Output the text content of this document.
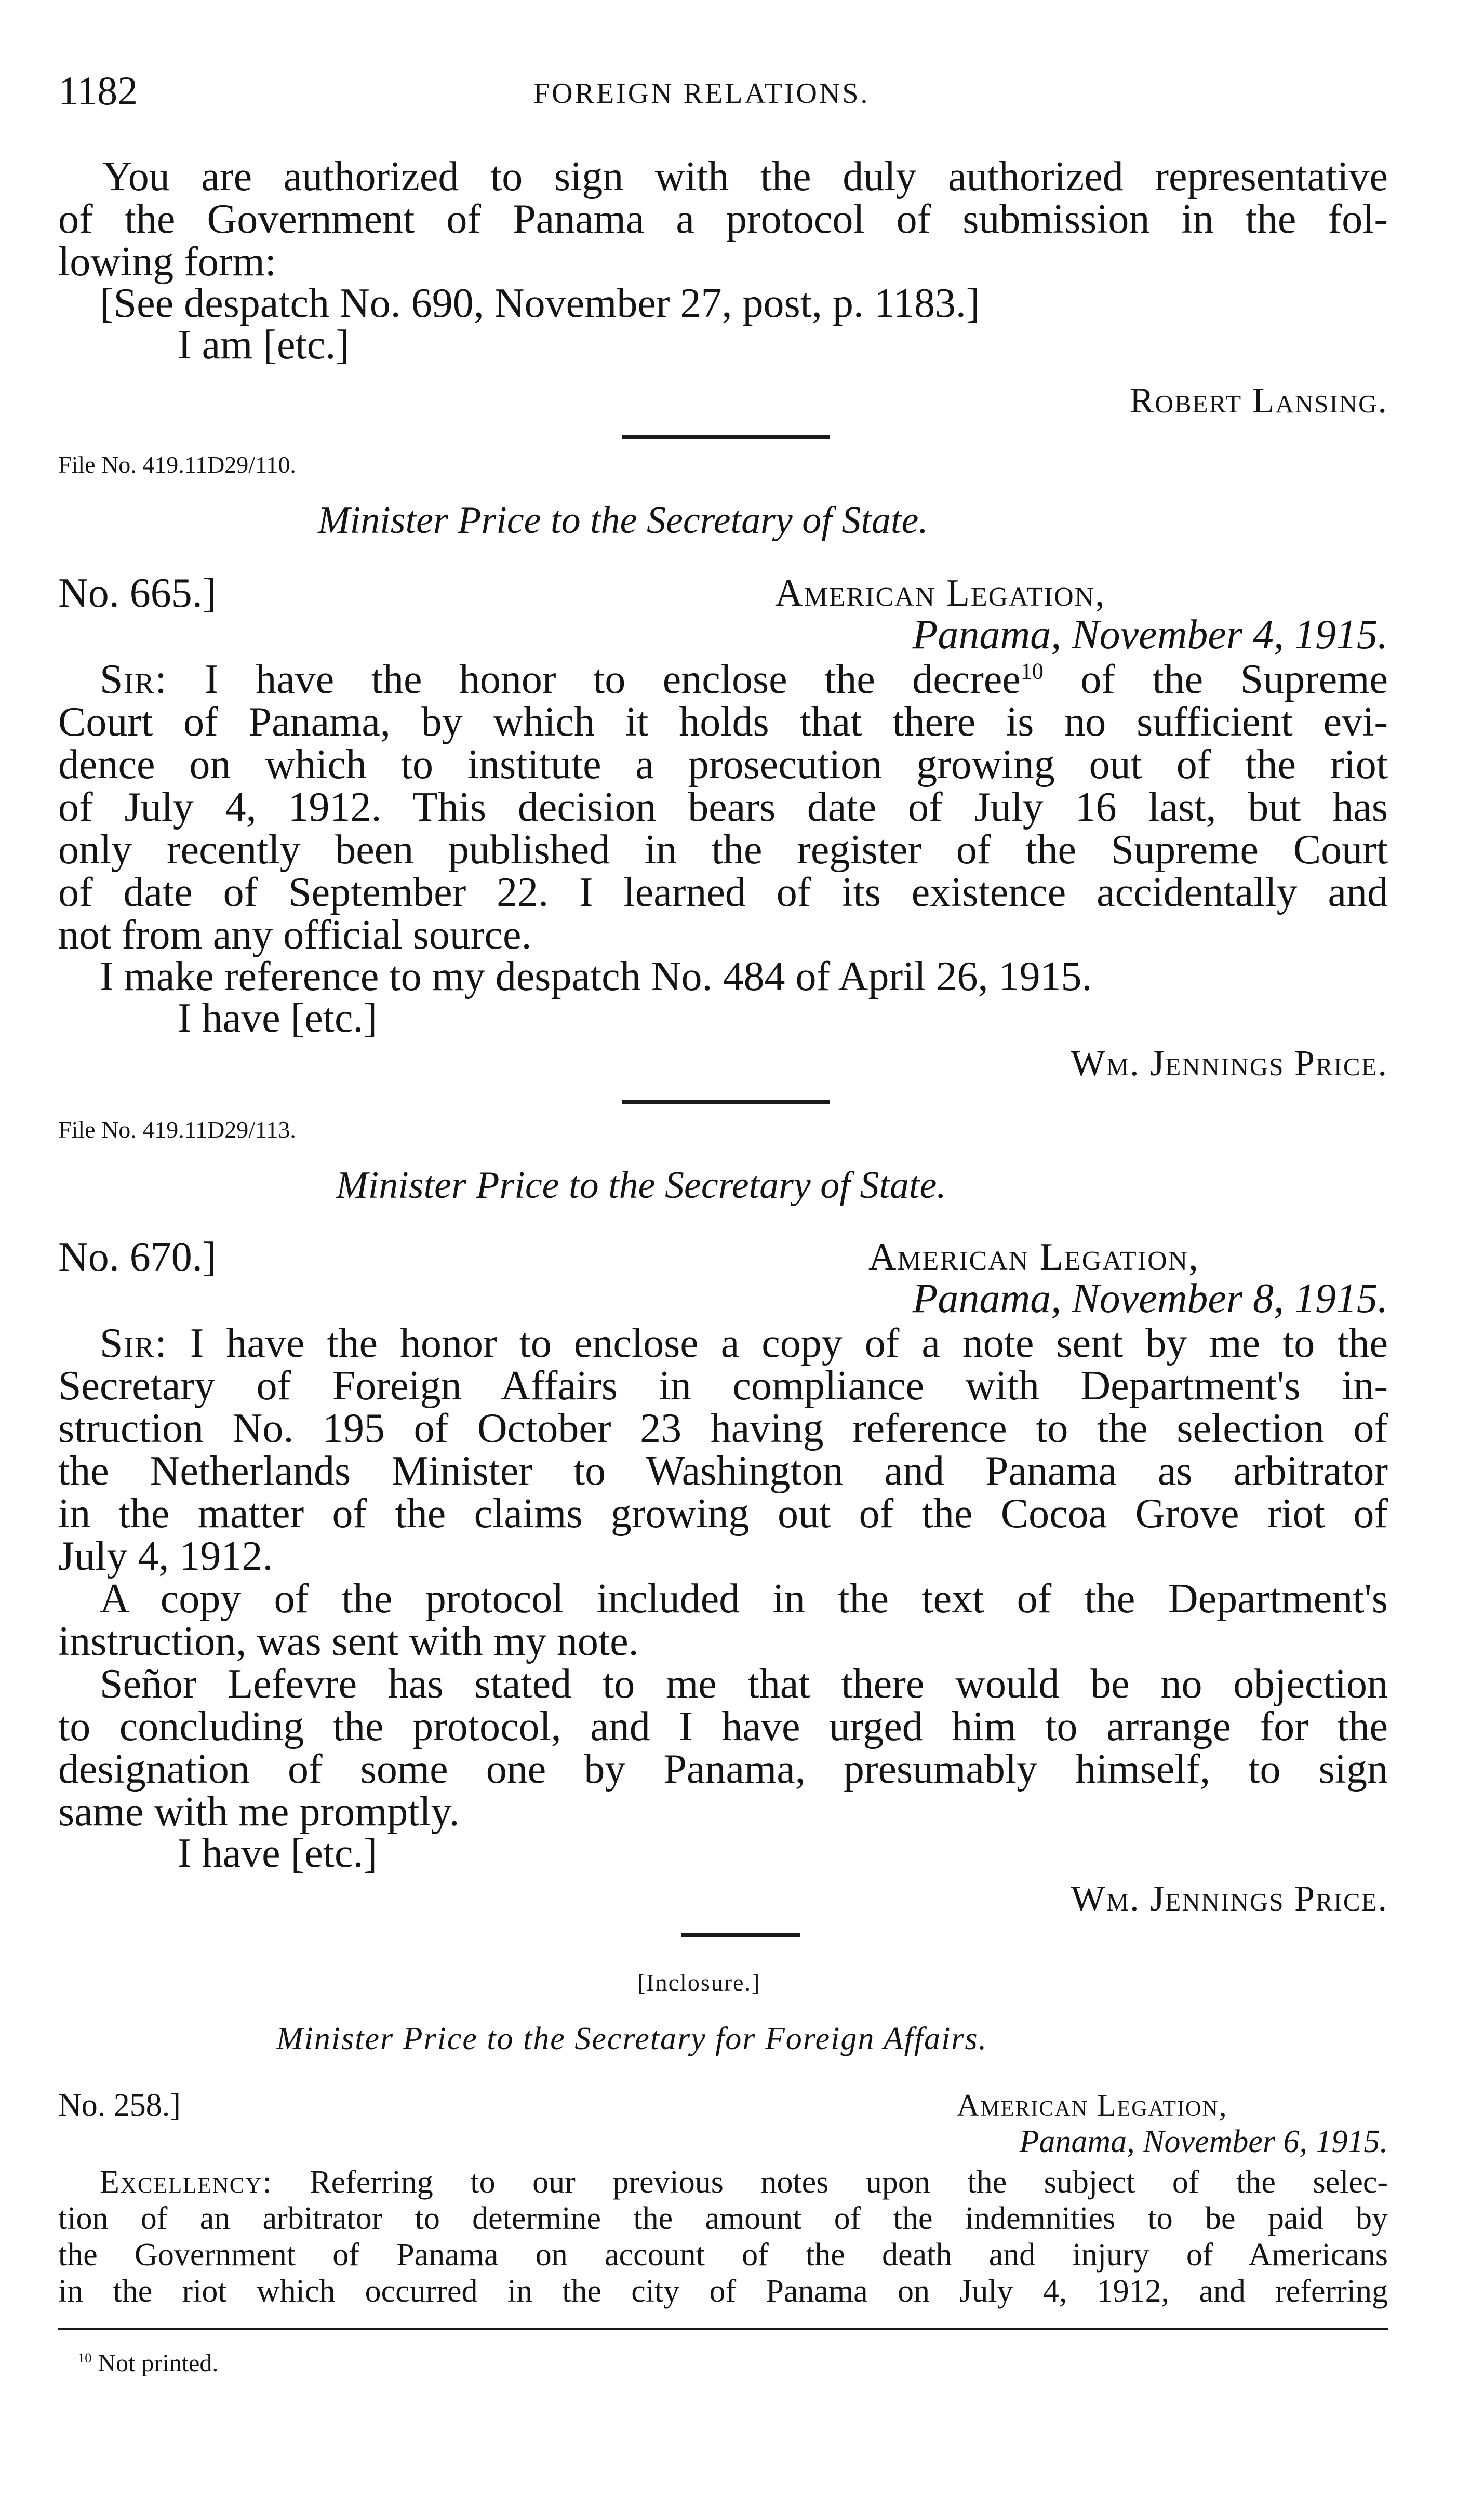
1182	FOREIGN RELATIONS.
You are authorized to sign with the duly authorized representative
of the Government of Panama a protocol of submission in the fol-
lowing form:
[See despatch No. 690, November 27, post, p. 1183.]
I am [etc.]
Robert Lansing.
File No. 419.11D29/110.
Minister Price to the Secretary of State.
No. 665.]	American Legation,
Panama, November 4, 1915.
Sir: I have the honor to enclose the decree$^{10}$ of the Supreme
Court of Panama, by which it holds that there is no sufficient evi-
dence on which to institute a prosecution growing out of the riot
of July 4, 1912. This decision bears date of July 16 last, but has
only recently been published in the register of the Supreme Court
of date of September 22. I learned of its existence accidentally and
not from any official source.
I make reference to my despatch No. 484 of April 26, 1915.
I have [etc.]
Wm. Jennings Price.
File No. 419.11D29/113.
Minister Price to the Secretary of State.
No. 670.]	American Legation,
Panama, November 8, 1915.
Sir: I have the honor to enclose a copy of a note sent by me to the
Secretary of Foreign Affairs in compliance with Department's in-
struction No. 195 of October 23 having reference to the selection of
the Netherlands Minister to Washington and Panama as arbitrator
in the matter of the claims growing out of the Cocoa Grove riot of
July 4, 1912.
A copy of the protocol included in the text of the Department's
instruction, was sent with my note.
Señor Lefevre has stated to me that there would be no objection
to concluding the protocol, and I have urged him to arrange for the
designation of some one by Panama, presumably himself, to sign
same with me promptly.
I have [etc.]
Wm. Jennings Price.
[Inclosure.]
Minister Price to the Secretary for Foreign Affairs.
No. 258.]	American Legation,
Panama, November 6, 1915.
Excellency: Referring to our previous notes upon the subject of the selec-
tion of an arbitrator to determine the amount of the indemnities to be paid by
the Government of Panama on account of the death and injury of Americans
in the riot which occurred in the city of Panama on July 4, 1912, and referring
$^{10}$ Not printed.
